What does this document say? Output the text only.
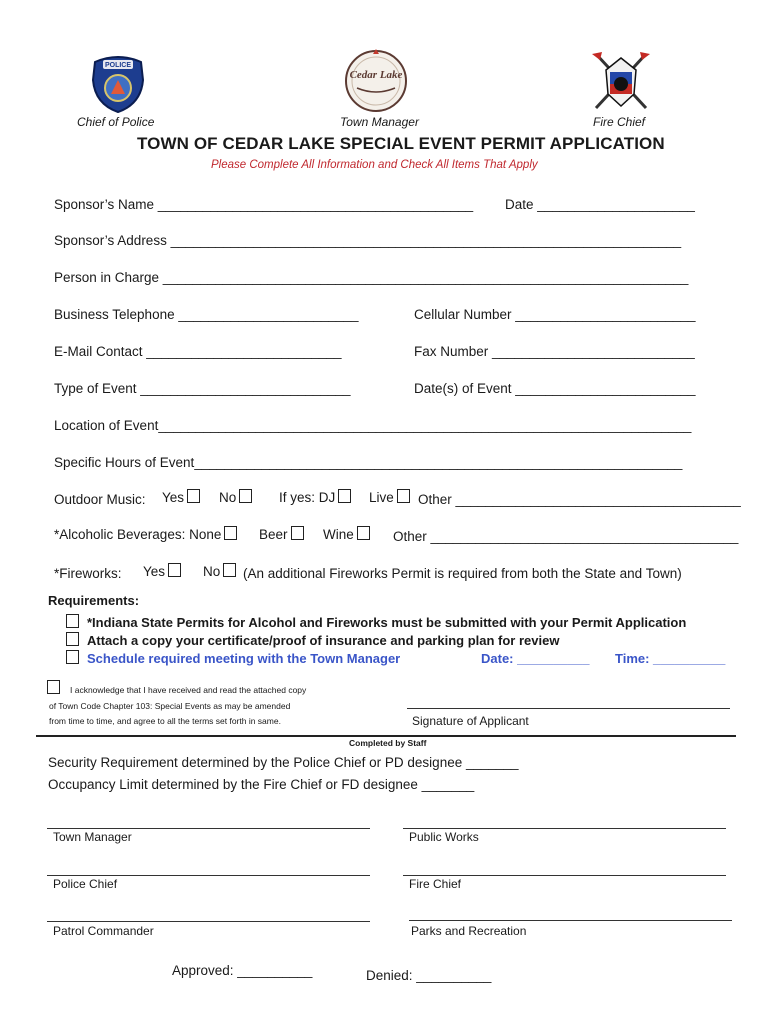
POLICE
Cedar Lake
Chief of Police	Town Manager	Fire Chief
TOWN OF CEDAR LAKE SPECIAL EVENT PERMIT APPLICATION
Please Complete All Information and Check All Items That Apply
Sponsor’s Name __________________________________________ Date _____________________
Sponsor’s Address ____________________________________________________________________
Person in Charge ______________________________________________________________________
Business Telephone ________________________	Cellular Number ________________________
E-Mail Contact __________________________	Fax Number ___________________________
Type of Event ____________________________	Date(s) of Event ________________________
Location of Event_______________________________________________________________________
Specific Hours of Event_________________________________________________________________
Outdoor Music: Yes	No	If yes: DJ	Live	Other ______________________________________
*Alcoholic Beverages: None	Beer	Wine	Other _________________________________________
*Fireworks: Yes	No	(An additional Fireworks Permit is required from both the State and Town)
Requirements:
*Indiana State Permits for Alcohol and Fireworks must be submitted with your Permit Application
Attach a copy your certificate/proof of insurance and parking plan for review
Schedule required meeting with the Town Manager	Date: __________ Time: __________
I acknowledge that I have received and read the attached copy
of Town Code Chapter 103: Special Events as may be amended
from time to time, and agree to all the terms set forth in same.	Signature of Applicant
Completed by Staff
Security Requirement determined by the Police Chief or PD designee _______
Occupancy Limit determined by the Fire Chief or FD designee _______
Town Manager	Public Works
Police Chief	Fire Chief
Patrol Commander	Parks and Recreation
Approved: __________	Denied: __________
